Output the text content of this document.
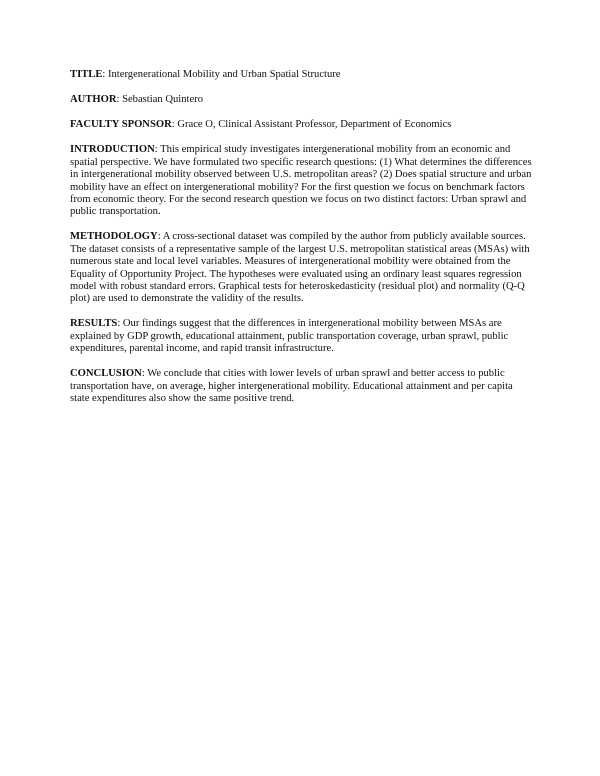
TITLE: Intergenerational Mobility and Urban Spatial Structure

AUTHOR: Sebastian Quintero

FACULTY SPONSOR: Grace O, Clinical Assistant Professor, Department of Economics

INTRODUCTION: This empirical study investigates intergenerational mobility from an economic and spatial perspective. We have formulated two specific research questions: (1) What determines the differences in intergenerational mobility observed between U.S. metropolitan areas? (2) Does spatial structure and urban mobility have an effect on intergenerational mobility? For the first question we focus on benchmark factors from economic theory. For the second research question we focus on two distinct factors: Urban sprawl and public transportation.

METHODOLOGY: A cross-sectional dataset was compiled by the author from publicly available sources. The dataset consists of a representative sample of the largest U.S. metropolitan statistical areas (MSAs) with numerous state and local level variables. Measures of intergenerational mobility were obtained from the Equality of Opportunity Project. The hypotheses were evaluated using an ordinary least squares regression model with robust standard errors. Graphical tests for heteroskedasticity (residual plot) and normality (Q-Q plot) are used to demonstrate the validity of the results.

RESULTS: Our findings suggest that the differences in intergenerational mobility between MSAs are explained by GDP growth, educational attainment, public transportation coverage, urban sprawl, public expenditures, parental income, and rapid transit infrastructure.

CONCLUSION: We conclude that cities with lower levels of urban sprawl and better access to public transportation have, on average, higher intergenerational mobility. Educational attainment and per capita state expenditures also show the same positive trend.
